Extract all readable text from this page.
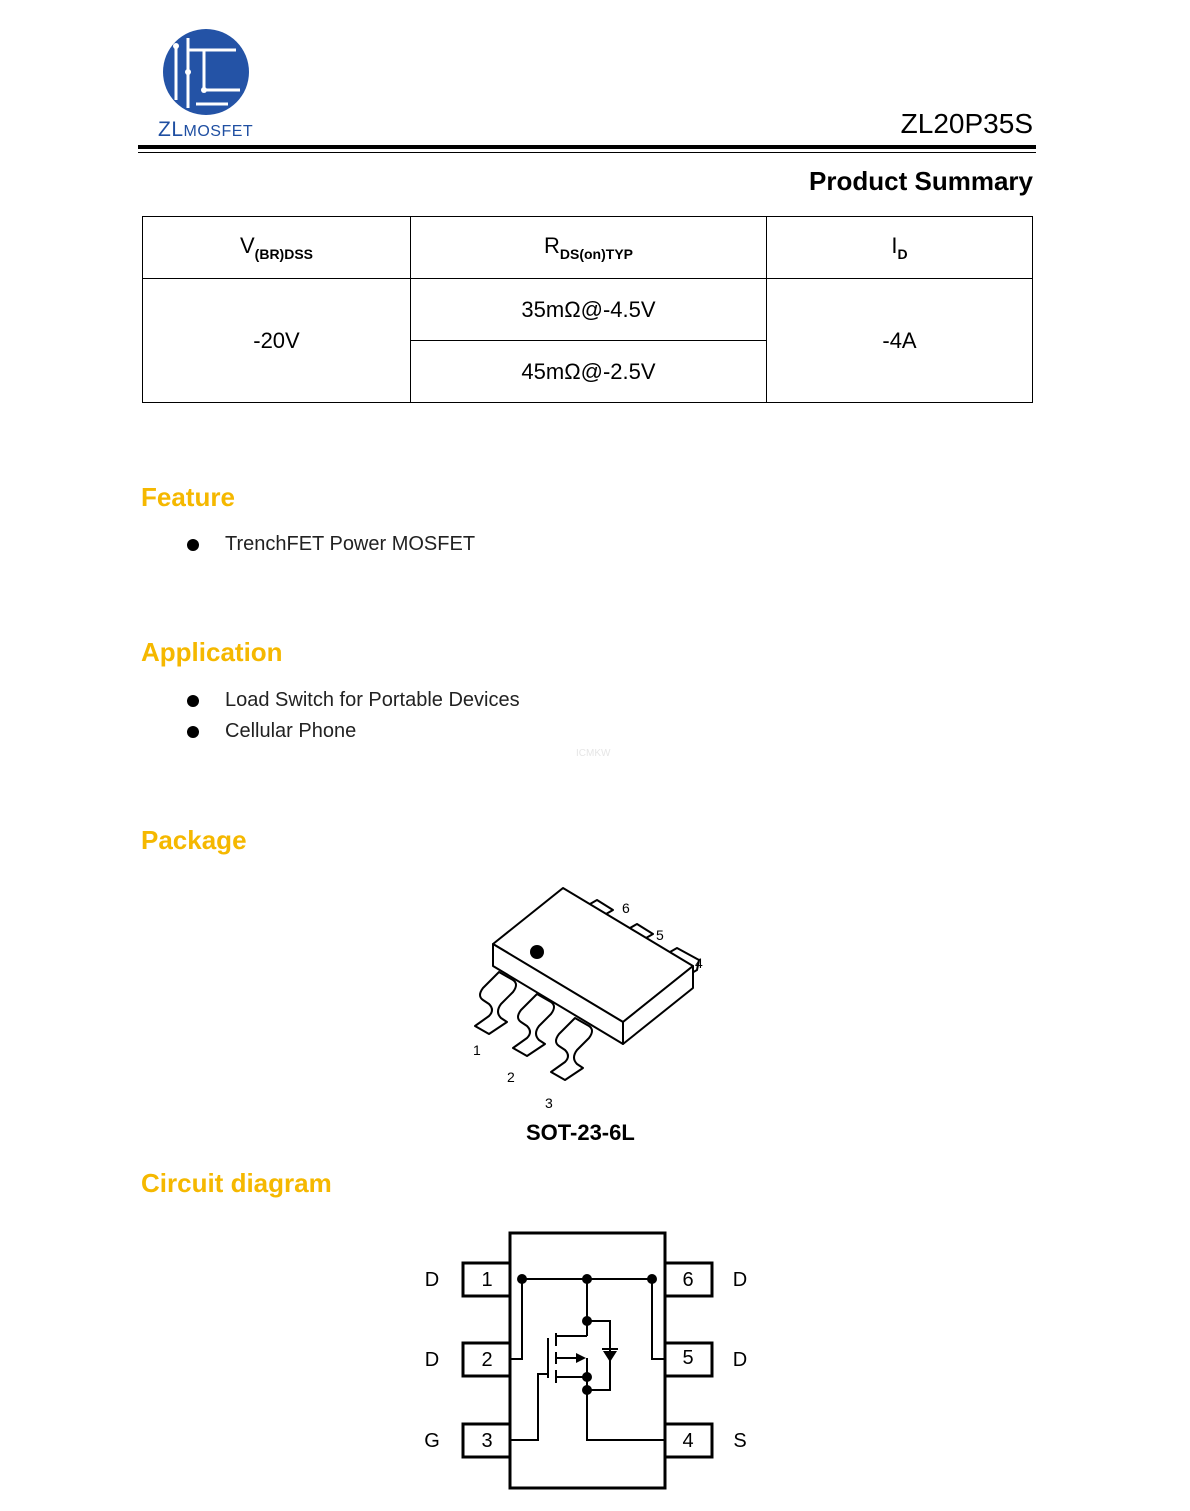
ZLMOSFET	ZL20P35S
Product Summary
$V_{(BR)DSS}$	$R_{DS(on)TYP}$	$I_D$
-20V	35mΩ@-4.5V	-4A
	45mΩ@-2.5V	
Feature
TrenchFET Power MOSFET
Application
Load Switch for Portable Devices
Cellular Phone
ICMKW
Package
6
5
4
1
2
3
SOT-23-6L
Circuit diagram
1
2
3	4
5
6
D
D
G	S
D
D
